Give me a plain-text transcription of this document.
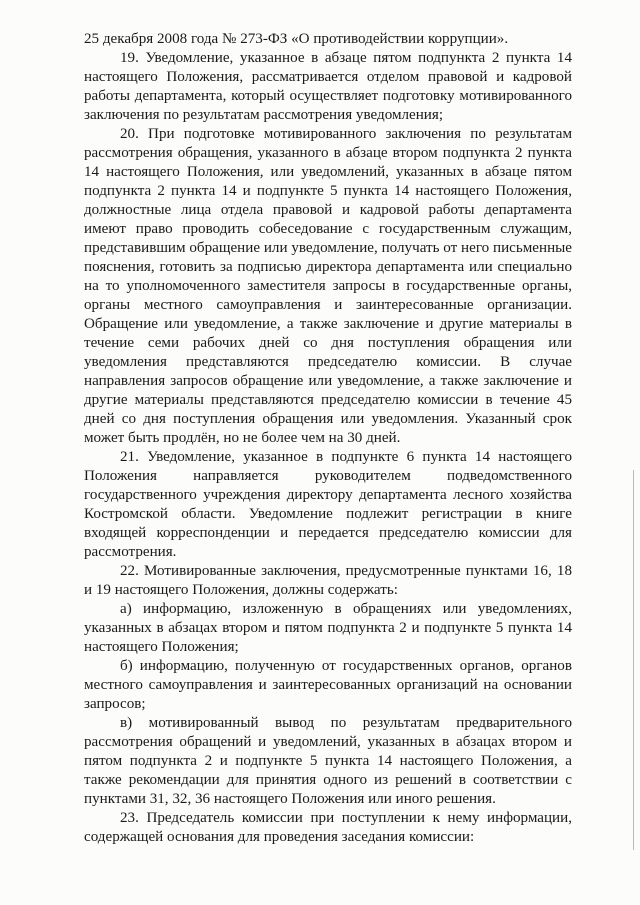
25 декабря 2008 года № 273-ФЗ «О противодействии коррупции».

19. Уведомление, указанное в абзаце пятом подпункта 2 пункта 14 настоящего Положения, рассматривается отделом правовой и кадровой работы департамента, который осуществляет подготовку мотивированного заключения по результатам рассмотрения уведомления;

20. При подготовке мотивированного заключения по результатам рассмотрения обращения, указанного в абзаце втором подпункта 2 пункта 14 настоящего Положения, или уведомлений, указанных в абзаце пятом подпункта 2 пункта 14 и подпункте 5 пункта 14 настоящего Положения, должностные лица отдела правовой и кадровой работы департамента имеют право проводить собеседование с государственным служащим, представившим обращение или уведомление, получать от него письменные пояснения, готовить за подписью директора департамента или специально на то уполномоченного заместителя запросы в государственные органы, органы местного самоуправления и заинтересованные организации. Обращение или уведомление, а также заключение и другие материалы в течение семи рабочих дней со дня поступления обращения или уведомления представляются председателю комиссии. В случае направления запросов обращение или уведомление, а также заключение и другие материалы представляются председателю комиссии в течение 45 дней со дня поступления обращения или уведомления. Указанный срок может быть продлён, но не более чем на 30 дней.

21. Уведомление, указанное в подпункте 6 пункта 14 настоящего Положения направляется руководителем подведомственного государственного учреждения директору департамента лесного хозяйства Костромской области. Уведомление подлежит регистрации в книге входящей корреспонденции и передается председателю комиссии для рассмотрения.

22. Мотивированные заключения, предусмотренные пунктами 16, 18 и 19 настоящего Положения, должны содержать:

а) информацию, изложенную в обращениях или уведомлениях, указанных в абзацах втором и пятом подпункта 2 и подпункте 5 пункта 14 настоящего Положения;

б) информацию, полученную от государственных органов, органов местного самоуправления и заинтересованных организаций на основании запросов;

в) мотивированный вывод по результатам предварительного рассмотрения обращений и уведомлений, указанных в абзацах втором и пятом подпункта 2 и подпункте 5 пункта 14 настоящего Положения, а также рекомендации для принятия одного из решений в соответствии с пунктами 31, 32, 36 настоящего Положения или иного решения.

23. Председатель комиссии при поступлении к нему информации, содержащей основания для проведения заседания комиссии:
